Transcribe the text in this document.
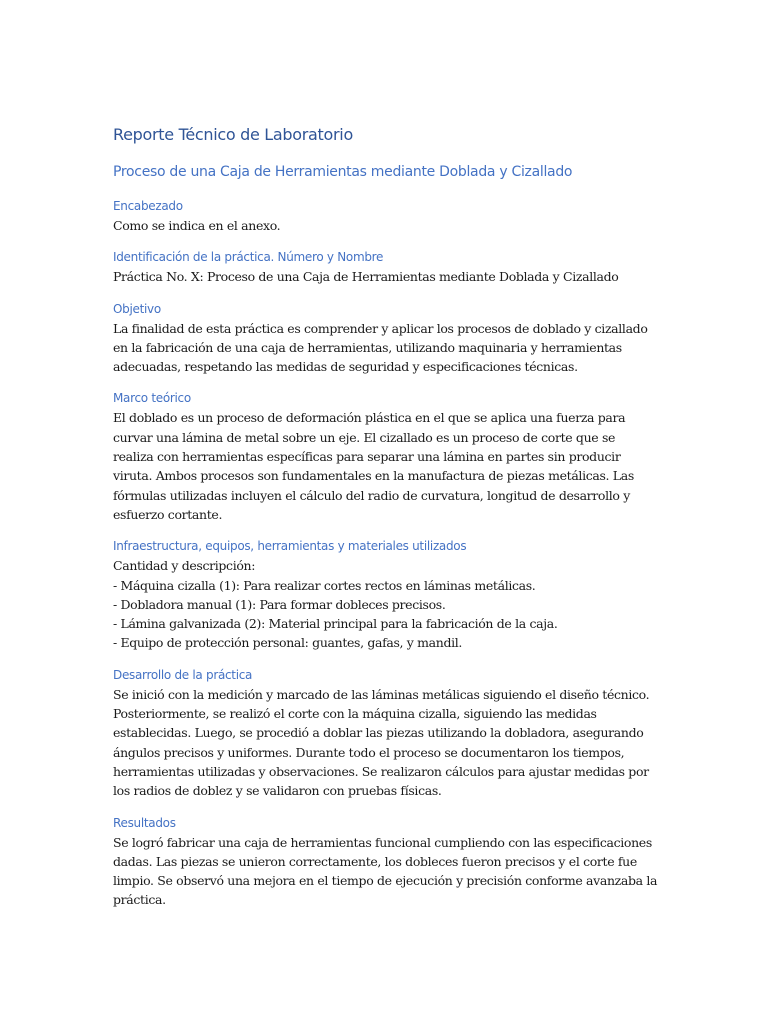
Reporte Técnico de Laboratorio
Proceso de una Caja de Herramientas mediante Doblada y Cizallado
Encabezado

Como se indica en el anexo.

Identificación de la práctica. Número y Nombre

Práctica No. X: Proceso de una Caja de Herramientas mediante Doblada y Cizallado

Objetivo

La finalidad de esta práctica es comprender y aplicar los procesos de doblado y cizallado en la fabricación de una caja de herramientas, utilizando maquinaria y herramientas adecuadas, respetando las medidas de seguridad y especificaciones técnicas.

Marco teórico

El doblado es un proceso de deformación plástica en el que se aplica una fuerza para curvar una lámina de metal sobre un eje. El cizallado es un proceso de corte que se realiza con herramientas específicas para separar una lámina en partes sin producir viruta. Ambos procesos son fundamentales en la manufactura de piezas metálicas. Las fórmulas utilizadas incluyen el cálculo del radio de curvatura, longitud de desarrollo y esfuerzo cortante.

Infraestructura, equipos, herramientas y materiales utilizados

Cantidad y descripción:

- Máquina cizalla (1): Para realizar cortes rectos en láminas metálicas.

- Dobladora manual (1): Para formar dobleces precisos.

- Lámina galvanizada (2): Material principal para la fabricación de la caja.

- Equipo de protección personal: guantes, gafas, y mandil.

Desarrollo de la práctica

Se inició con la medición y marcado de las láminas metálicas siguiendo el diseño técnico. Posteriormente, se realizó el corte con la máquina cizalla, siguiendo las medidas establecidas. Luego, se procedió a doblar las piezas utilizando la dobladora, asegurando ángulos precisos y uniformes. Durante todo el proceso se documentaron los tiempos, herramientas utilizadas y observaciones. Se realizaron cálculos para ajustar medidas por los radios de doblez y se validaron con pruebas físicas.

Resultados

Se logró fabricar una caja de herramientas funcional cumpliendo con las especificaciones dadas. Las piezas se unieron correctamente, los dobleces fueron precisos y el corte fue limpio. Se observó una mejora en el tiempo de ejecución y precisión conforme avanzaba la práctica.
